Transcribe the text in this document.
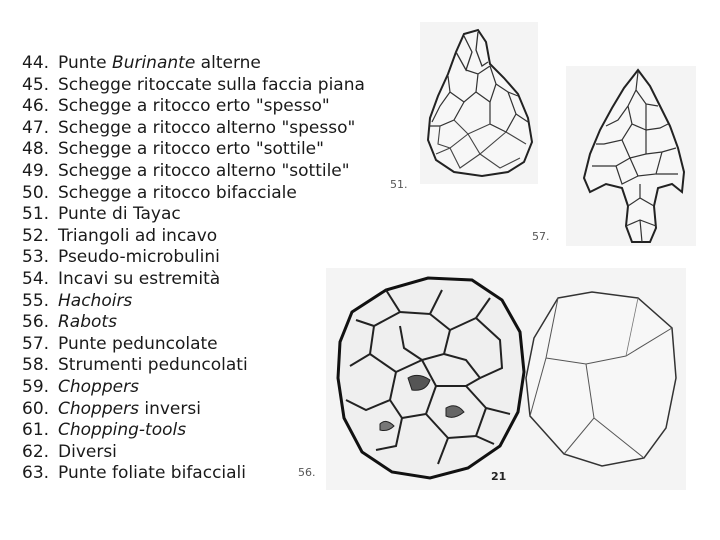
44. Punte Burinante alterne
45. Schegge ritoccate sulla faccia piana
46. Schegge a ritocco erto "spesso"
47. Schegge a ritocco alterno "spesso"
48. Schegge a ritocco erto "sottile"
49. Schegge a ritocco alterno "sottile"
50. Schegge a ritocco bifacciale
51. Punte di Tayac
52. Triangoli ad incavo
53. Pseudo-microbulini
54. Incavi su estremità
55. Hachoirs
56. Rabots
57. Punte peduncolate
58. Strumenti peduncolati
59. Choppers
60. Choppers inversi
61. Chopping-tools
62. Diversi
63. Punte foliate bifacciali
51.
57.
21
56.
